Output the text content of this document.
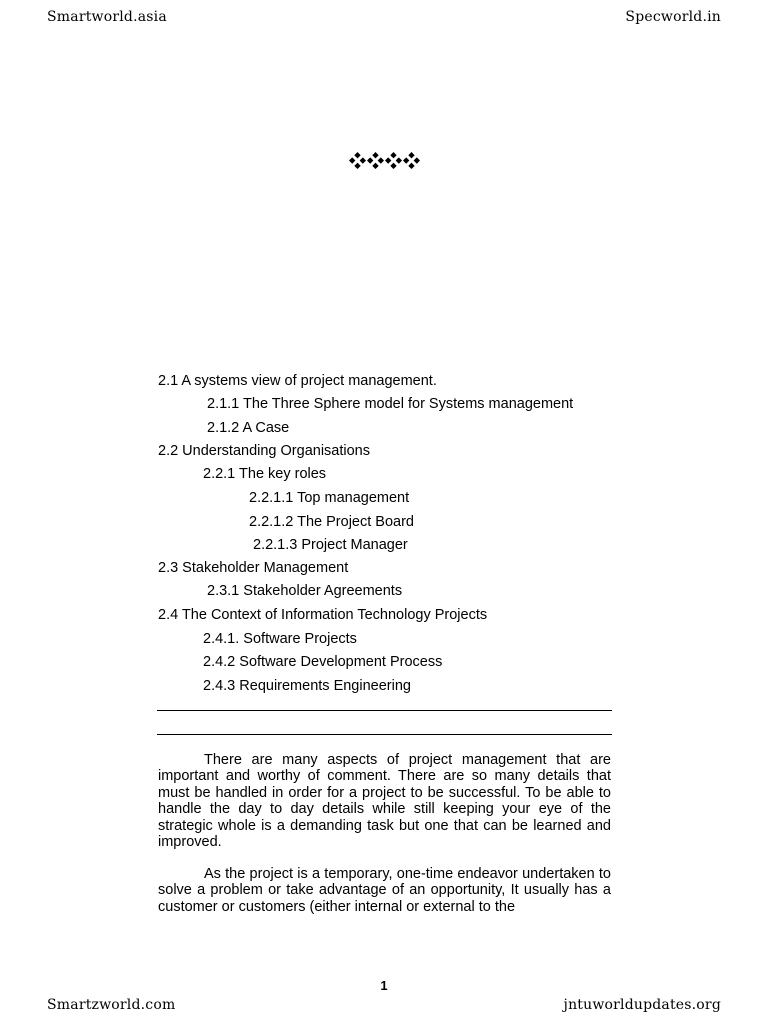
Smartworld.asia	Specworld.in
2.1 A systems view of project management.
2.1.1 The Three Sphere model for Systems management
2.1.2 A Case
2.2 Understanding Organisations
2.2.1 The key roles
2.2.1.1 Top management
2.2.1.2 The Project Board
2.2.1.3 Project Manager
2.3 Stakeholder Management
2.3.1 Stakeholder Agreements
2.4 The Context of Information Technology Projects
2.4.1. Software Projects
2.4.2 Software Development Process
2.4.3 Requirements Engineering

There are many aspects of project management that are important and worthy of comment. There are so many details that must be handled in order for a project to be successful. To be able to handle the day to day details while still keeping your eye of the strategic whole is a demanding task but one that can be learned and improved.

As the project is a temporary, one-time endeavor undertaken to solve a problem or take advantage of an opportunity, It usually has a customer or customers (either internal or external to the

1
Smartzworld.com	jntuworldupdates.org
